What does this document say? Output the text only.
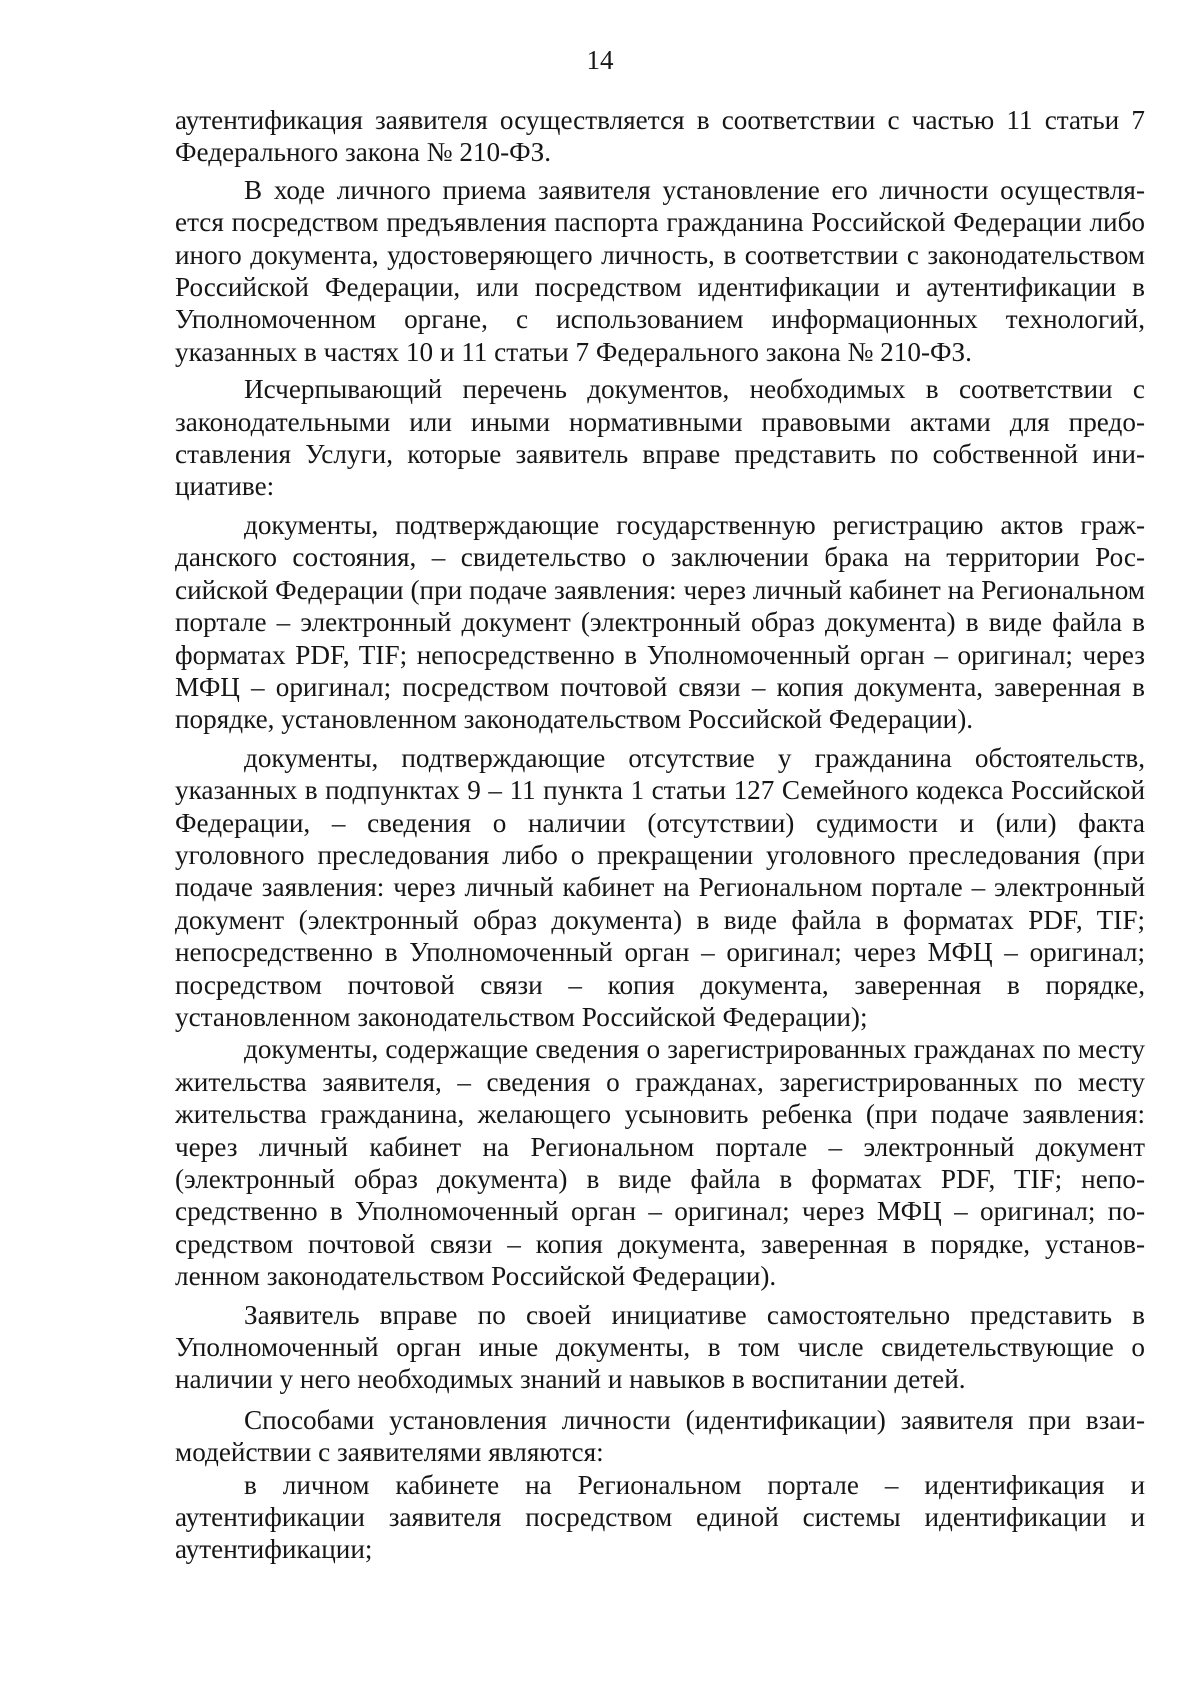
14

аутентификация заявителя осуществляется в соответствии с частью 11 статьи 7 Федерального закона № 210-ФЗ.

В ходе личного приема заявителя установление его личности осуществляется посредством предъявления паспорта гражданина Российской Федерации либо иного документа, удостоверяющего личность, в соответствии с законодательством Российской Федерации, или посредством идентификации и аутентификации в Уполномоченном органе, с использованием информационных технологий, указанных в частях 10 и 11 статьи 7 Федерального закона № 210-ФЗ.

Исчерпывающий перечень документов, необходимых в соответствии с законодательными или иными нормативными правовыми актами для предоставления Услуги, которые заявитель вправе представить по собственной инициативе:

документы, подтверждающие государственную регистрацию актов гражданского состояния, – свидетельство о заключении брака на территории Российской Федерации (при подаче заявления: через личный кабинет на Региональном портале – электронный документ (электронный образ документа) в виде файла в форматах PDF, TIF; непосредственно в Уполномоченный орган – оригинал; через МФЦ – оригинал; посредством почтовой связи – копия документа, заверенная в порядке, установленном законодательством Российской Федерации).

документы, подтверждающие отсутствие у гражданина обстоятельств, указанных в подпунктах 9 – 11 пункта 1 статьи 127 Семейного кодекса Российской Федерации, – сведения о наличии (отсутствии) судимости и (или) факта уголовного преследования либо о прекращении уголовного преследования (при подаче заявления: через личный кабинет на Региональном портале – электронный документ (электронный образ документа) в виде файла в форматах PDF, TIF; непосредственно в Уполномоченный орган – оригинал; через МФЦ – оригинал; посредством почтовой связи – копия документа, заверенная в порядке, установленном законодательством Российской Федерации);

документы, содержащие сведения о зарегистрированных гражданах по месту жительства заявителя, – сведения о гражданах, зарегистрированных по месту жительства гражданина, желающего усыновить ребенка (при подаче заявления: через личный кабинет на Региональном портале – электронный документ (электронный образ документа) в виде файла в форматах PDF, TIF; непосредственно в Уполномоченный орган – оригинал; через МФЦ – оригинал; посредством почтовой связи – копия документа, заверенная в порядке, установленном законодательством Российской Федерации).

Заявитель вправе по своей инициативе самостоятельно представить в Уполномоченный орган иные документы, в том числе свидетельствующие о наличии у него необходимых знаний и навыков в воспитании детей.

Способами установления личности (идентификации) заявителя при взаимодействии с заявителями являются:

в личном кабинете на Региональном портале – идентификация и аутентификации заявителя посредством единой системы идентификации и аутентификации;
